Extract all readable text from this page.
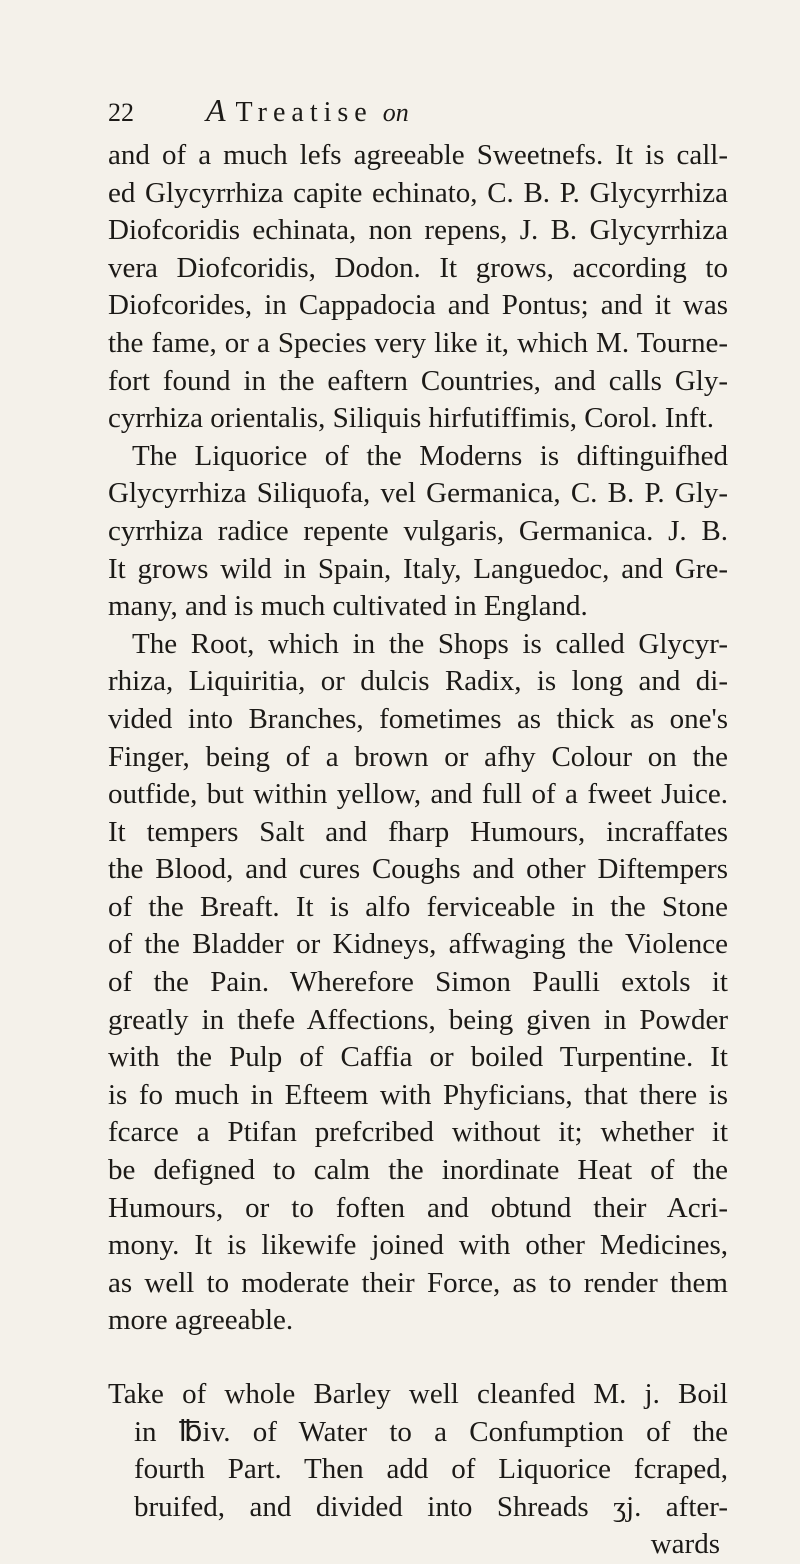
22	A Treatise on
and of a much lefs agreeable Sweetnefs. It is call-
ed Glycyrrhiza capite echinato, C. B. P. Glycyrrhiza
Diofcoridis echinata, non repens, J. B. Glycyrrhiza
vera Diofcoridis, Dodon. It grows, according to
Diofcorides, in Cappadocia and Pontus; and it was
the fame, or a Species very like it, which M. Tourne-
fort found in the eaftern Countries, and calls Gly-
cyrrhiza orientalis, Siliquis hirfutiffimis, Corol. Inft.
The Liquorice of the Moderns is diftinguifhed
Glycyrrhiza Siliquofa, vel Germanica, C. B. P. Gly-
cyrrhiza radice repente vulgaris, Germanica. J. B.
It grows wild in Spain, Italy, Languedoc, and Gre-
many, and is much cultivated in England.
The Root, which in the Shops is called Glycyr-
rhiza, Liquiritia, or dulcis Radix, is long and di-
vided into Branches, fometimes as thick as one's
Finger, being of a brown or afhy Colour on the
outfide, but within yellow, and full of a fweet Juice.
It tempers Salt and fharp Humours, incraffates
the Blood, and cures Coughs and other Diftempers
of the Breaft. It is alfo ferviceable in the Stone
of the Bladder or Kidneys, affwaging the Violence
of the Pain. Wherefore Simon Paulli extols it
greatly in thefe Affections, being given in Powder
with the Pulp of Caffia or boiled Turpentine. It
is fo much in Efteem with Phyficians, that there is
fcarce a Ptifan prefcribed without it; whether it
be defigned to calm the inordinate Heat of the
Humours, or to foften and obtund their Acri-
mony. It is likewife joined with other Medicines,
as well to moderate their Force, as to render them
more agreeable.
Take of whole Barley well cleanfed M. j. Boil
in ℔iv. of Water to a Confumption of the
fourth Part. Then add of Liquorice fcraped,
bruifed, and divided into Shreads ʒj. after-
wards
